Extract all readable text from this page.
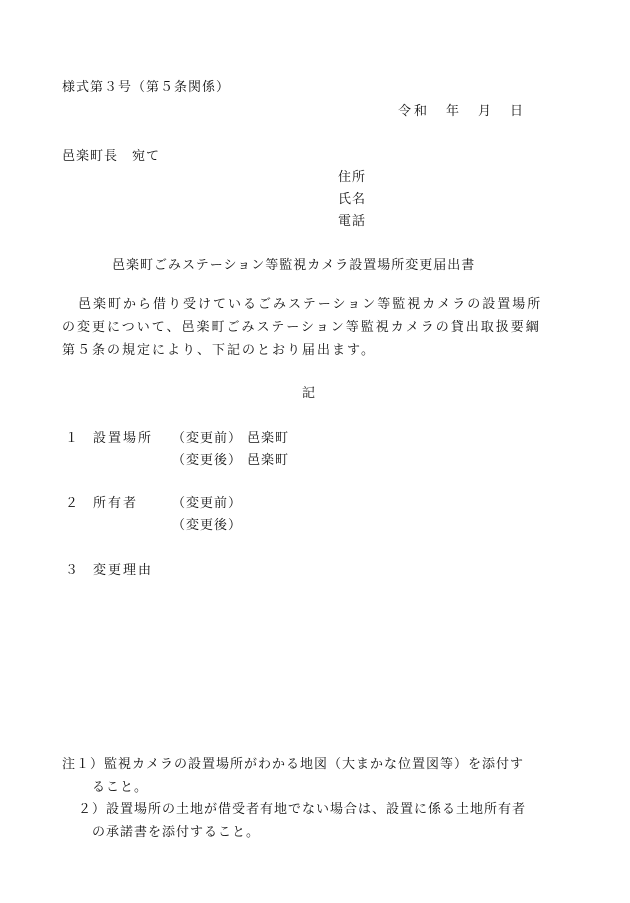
様式第３号（第５条関係）
令和　年　月　日
邑楽町長　宛て
住所
氏名
電話
邑楽町ごみステーション等監視カメラ設置場所変更届出書
邑楽町から借り受けているごみステーション等監視カメラの設置場所
の変更について、邑楽町ごみステーション等監視カメラの貸出取扱要綱
第５条の規定により、下記のとおり届出ます。
記
１ 設置場所 （変更前） 邑楽町
（変更後） 邑楽町
２ 所有者	（変更前）
（変更後）
３ 変更理由
注１）監視カメラの設置場所がわかる地図（大まかな位置図等）を添付す
ること。
２）設置場所の土地が借受者有地でない場合は、設置に係る土地所有者
の承諾書を添付すること。
